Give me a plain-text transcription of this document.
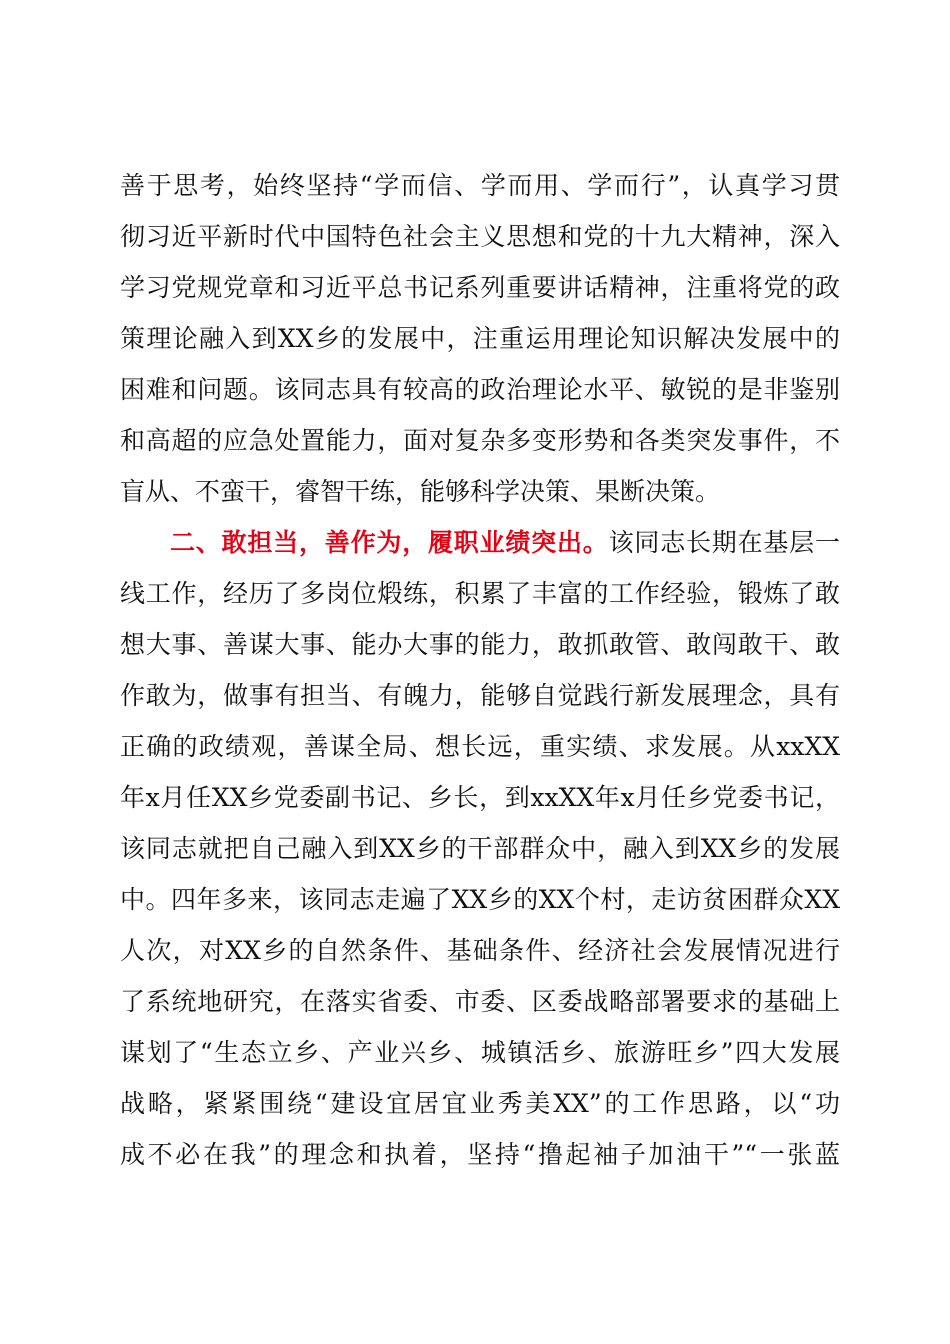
善于思考，始终坚持“学而信、学而用、学而行”，认真学习贯
彻习近平新时代中国特色社会主义思想和党的十九大精神，深入
学习党规党章和习近平总书记系列重要讲话精神，注重将党的政
策理论融入到XX乡的发展中，注重运用理论知识解决发展中的
困难和问题。该同志具有较高的政治理论水平、敏锐的是非鉴别
和高超的应急处置能力，面对复杂多变形势和各类突发事件，不
盲从、不蛮干，睿智干练，能够科学决策、果断决策。
二、敢担当，善作为，履职业绩突出。该同志长期在基层一
线工作，经历了多岗位煅练，积累了丰富的工作经验，锻炼了敢
想大事、善谋大事、能办大事的能力，敢抓敢管、敢闯敢干、敢
作敢为，做事有担当、有魄力，能够自觉践行新发展理念，具有
正确的政绩观，善谋全局、想长远，重实绩、求发展。从xxXX
年x月任XX乡党委副书记、乡长，到xxXX年x月任乡党委书记，
该同志就把自己融入到XX乡的干部群众中，融入到XX乡的发展
中。四年多来，该同志走遍了XX乡的XX个村，走访贫困群众XX
人次，对XX乡的自然条件、基础条件、经济社会发展情况进行
了系统地研究，在落实省委、市委、区委战略部署要求的基础上
谋划了“生态立乡、产业兴乡、城镇活乡、旅游旺乡”四大发展
战略，紧紧围绕“建设宜居宜业秀美XX”的工作思路，以“功
成不必在我”的理念和执着，坚持“撸起袖子加油干”“一张蓝
